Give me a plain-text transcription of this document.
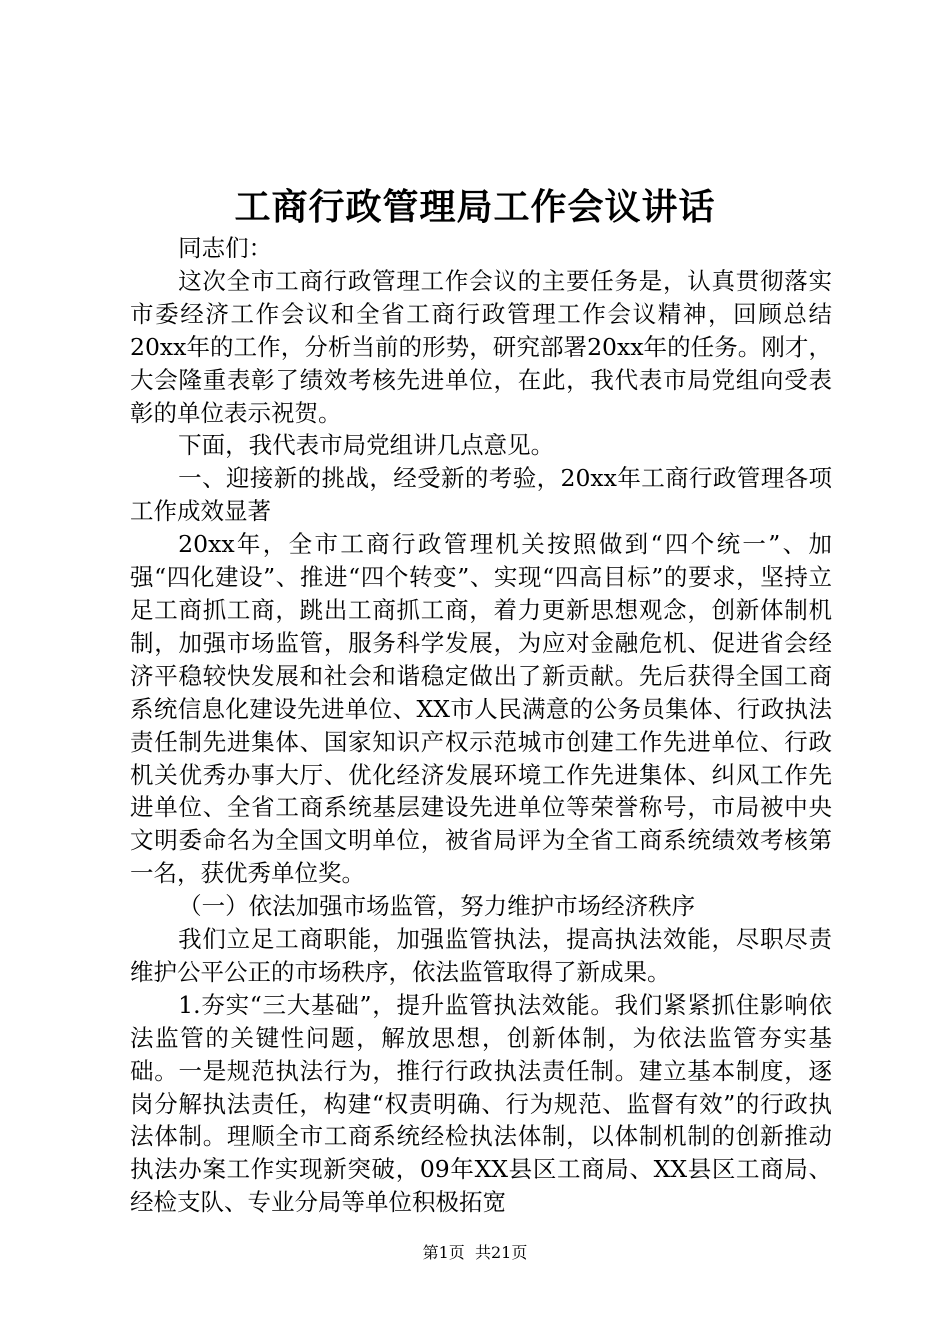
工商行政管理局工作会议讲话

同志们：

这次全市工商行政管理工作会议的主要任务是，认真贯彻落实市委经济工作会议和全省工商行政管理工作会议精神，回顾总结20xx年的工作，分析当前的形势，研究部署20xx年的任务。刚才，大会隆重表彰了绩效考核先进单位，在此，我代表市局党组向受表彰的单位表示祝贺。

下面，我代表市局党组讲几点意见。

一、迎接新的挑战，经受新的考验，20xx年工商行政管理各项工作成效显著

20xx年，全市工商行政管理机关按照做到“四个统一”、加强“四化建设”、推进“四个转变”、实现“四高目标”的要求，坚持立足工商抓工商，跳出工商抓工商，着力更新思想观念，创新体制机制，加强市场监管，服务科学发展，为应对金融危机、促进省会经济平稳较快发展和社会和谐稳定做出了新贡献。先后获得全国工商系统信息化建设先进单位、XX市人民满意的公务员集体、行政执法责任制先进集体、国家知识产权示范城市创建工作先进单位、行政机关优秀办事大厅、优化经济发展环境工作先进集体、纠风工作先进单位、全省工商系统基层建设先进单位等荣誉称号，市局被中央文明委命名为全国文明单位，被省局评为全省工商系统绩效考核第一名，获优秀单位奖。

（一）依法加强市场监管，努力维护市场经济秩序

我们立足工商职能，加强监管执法，提高执法效能，尽职尽责维护公平公正的市场秩序，依法监管取得了新成果。

1.夯实“三大基础”，提升监管执法效能。我们紧紧抓住影响依法监管的关键性问题，解放思想，创新体制，为依法监管夯实基础。一是规范执法行为，推行行政执法责任制。建立基本制度，逐岗分解执法责任，构建“权责明确、行为规范、监督有效”的行政执法体制。理顺全市工商系统经检执法体制，以体制机制的创新推动执法办案工作实现新突破，09年XX县区工商局、XX县区工商局、经检支队、专业分局等单位积极拓宽

第1页 共21页
